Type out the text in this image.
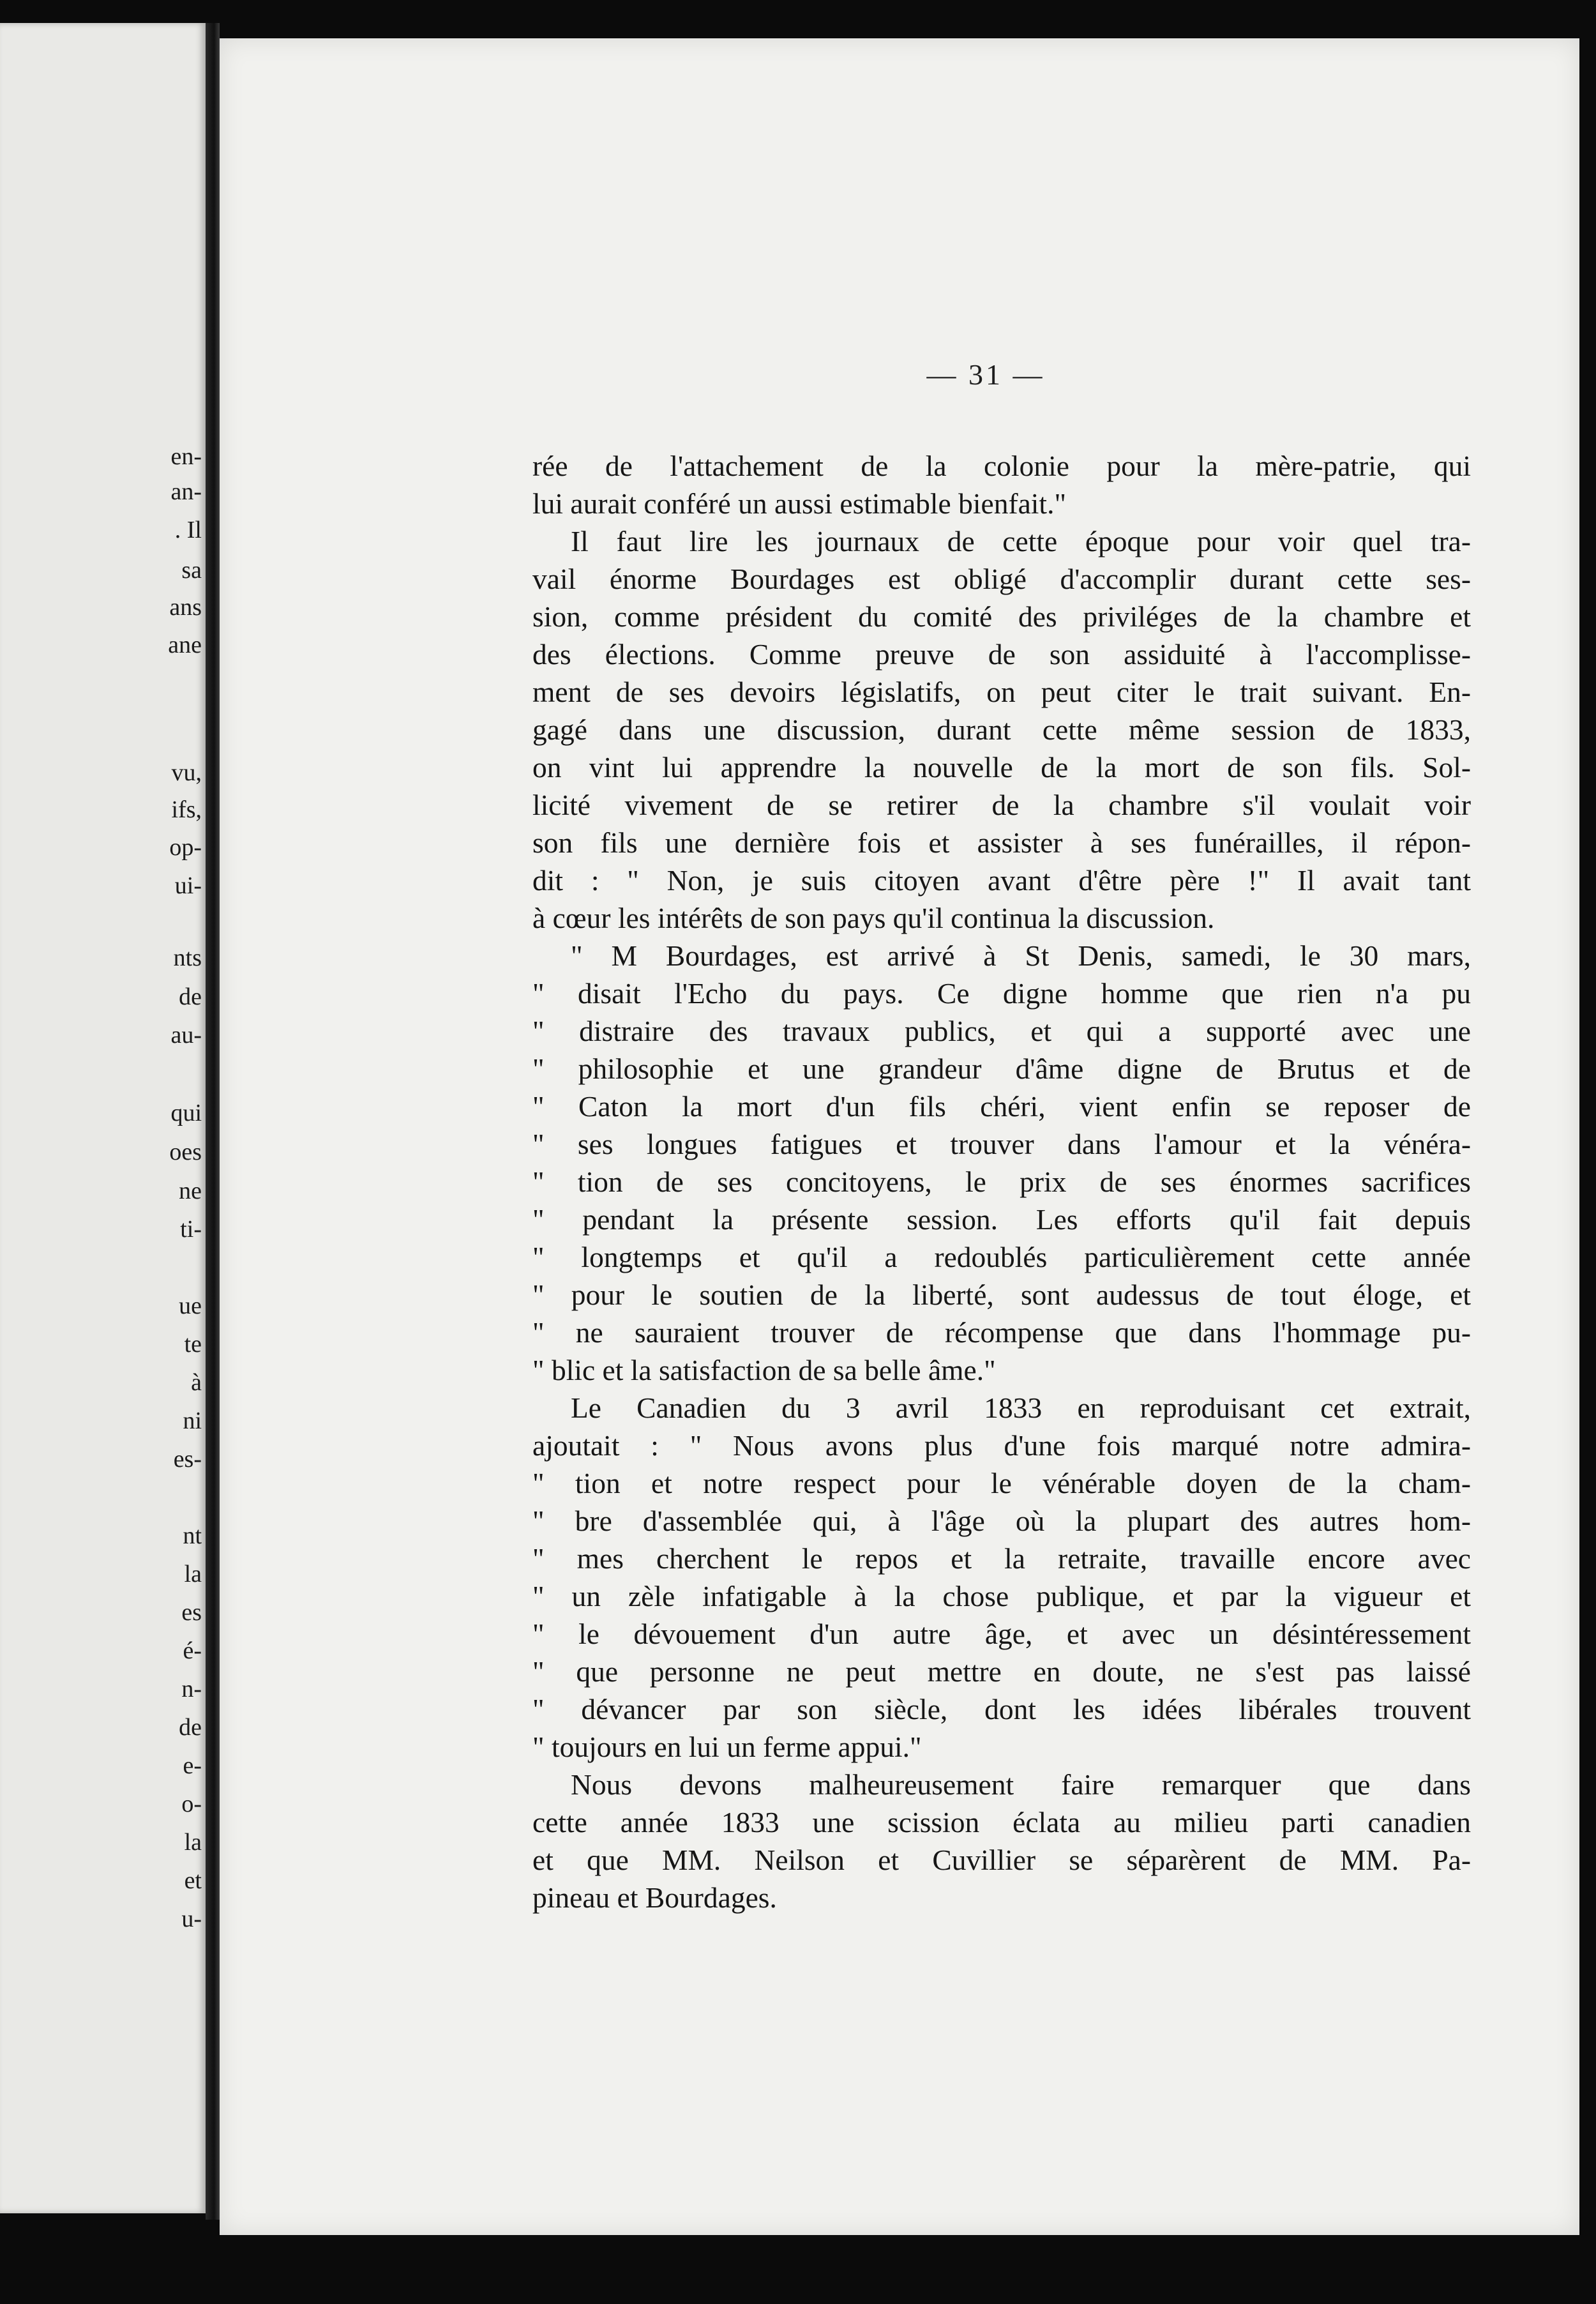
en-
an-
. Il
sa
ans
ane
vu,
ifs,
op-
ui-
nts
de
au-
qui
oes
ne
ti-
ue
te
à
ni
es-
nt
la
es
é-
n-
de
e-
o-
la
et
u-
— 31 —
rée de l'attachement de la colonie pour la mère-patrie, qui
lui aurait conféré un aussi estimable bienfait."
Il faut lire les journaux de cette époque pour voir quel tra-
vail énorme Bourdages est obligé d'accomplir durant cette ses-
sion, comme président du comité des priviléges de la chambre et
des élections. Comme preuve de son assiduité à l'accomplisse-
ment de ses devoirs législatifs, on peut citer le trait suivant. En-
gagé dans une discussion, durant cette même session de 1833,
on vint lui apprendre la nouvelle de la mort de son fils. Sol-
licité vivement de se retirer de la chambre s'il voulait voir
son fils une dernière fois et assister à ses funérailles, il répon-
dit : " Non, je suis citoyen avant d'être père !" Il avait tant
à cœur les intérêts de son pays qu'il continua la discussion.
" M Bourdages, est arrivé à St Denis, samedi, le 30 mars,
" disait l'Echo du pays. Ce digne homme que rien n'a pu
" distraire des travaux publics, et qui a supporté avec une
" philosophie et une grandeur d'âme digne de Brutus et de
" Caton la mort d'un fils chéri, vient enfin se reposer de
" ses longues fatigues et trouver dans l'amour et la vénéra-
" tion de ses concitoyens, le prix de ses énormes sacrifices
" pendant la présente session. Les efforts qu'il fait depuis
" longtemps et qu'il a redoublés particulièrement cette année
" pour le soutien de la liberté, sont audessus de tout éloge, et
" ne sauraient trouver de récompense que dans l'hommage pu-
" blic et la satisfaction de sa belle âme."
Le Canadien du 3 avril 1833 en reproduisant cet extrait,
ajoutait : " Nous avons plus d'une fois marqué notre admira-
" tion et notre respect pour le vénérable doyen de la cham-
" bre d'assemblée qui, à l'âge où la plupart des autres hom-
" mes cherchent le repos et la retraite, travaille encore avec
" un zèle infatigable à la chose publique, et par la vigueur et
" le dévouement d'un autre âge, et avec un désintéressement
" que personne ne peut mettre en doute, ne s'est pas laissé
" dévancer par son siècle, dont les idées libérales trouvent
" toujours en lui un ferme appui."
Nous devons malheureusement faire remarquer que dans
cette année 1833 une scission éclata au milieu parti canadien
et que MM. Neilson et Cuvillier se séparèrent de MM. Pa-
pineau et Bourdages.
